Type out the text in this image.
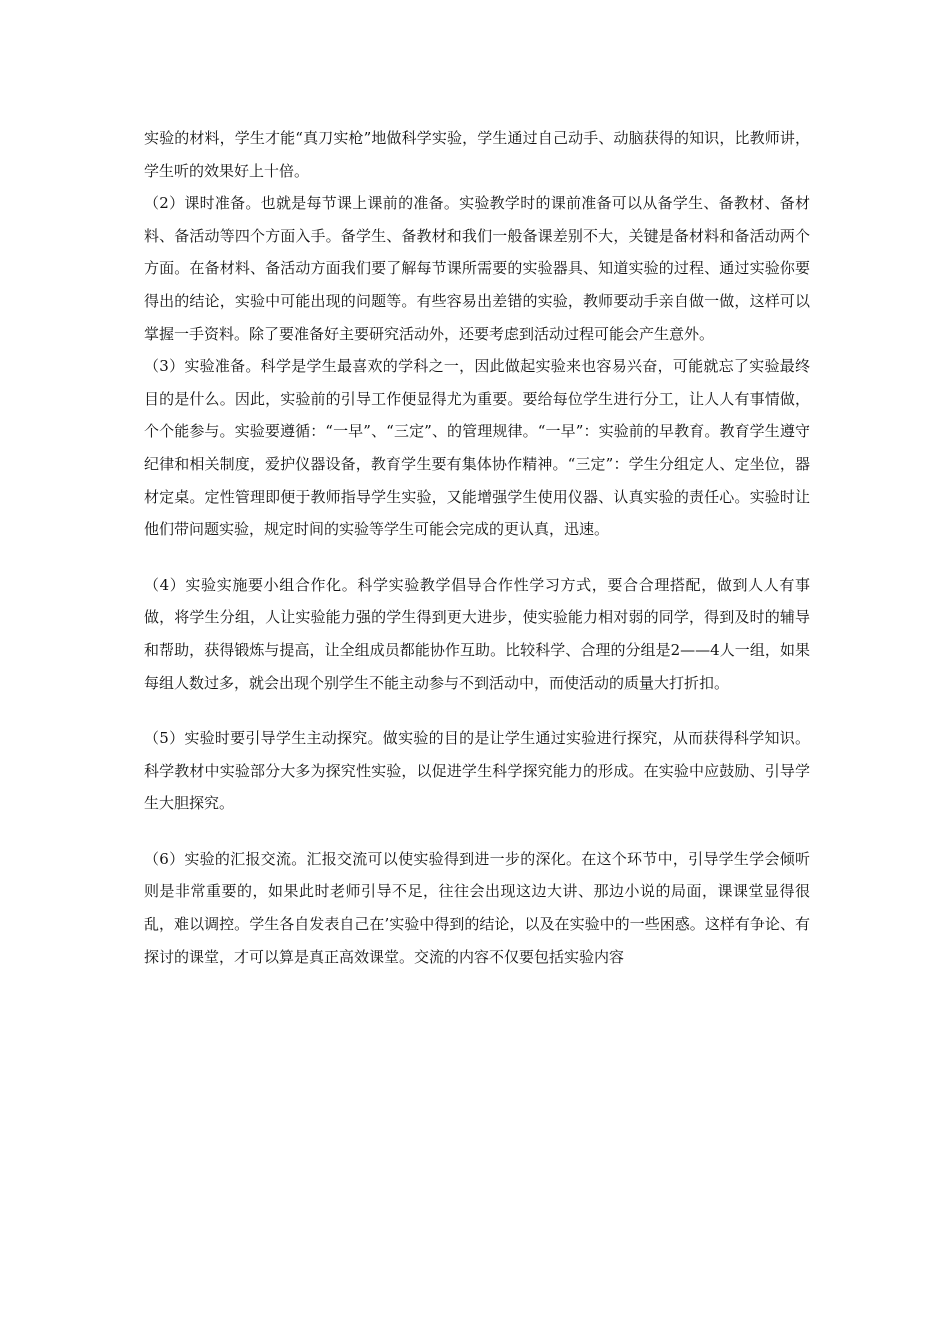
实验的材料，学生才能“真刀实枪”地做科学实验，学生通过自己动手、动脑获得的知识，比教师讲，学生听的效果好上十倍。

（2）课时准备。也就是每节课上课前的准备。实验教学时的课前准备可以从备学生、备教材、备材料、备活动等四个方面入手。备学生、备教材和我们一般备课差别不大，关键是备材料和备活动两个方面。在备材料、备活动方面我们要了解每节课所需要的实验器具、知道实验的过程、通过实验你要得出的结论，实验中可能出现的问题等。有些容易出差错的实验，教师要动手亲自做一做，这样可以掌握一手资料。除了要准备好主要研究活动外，还要考虑到活动过程可能会产生意外。

（3）实验准备。科学是学生最喜欢的学科之一，因此做起实验来也容易兴奋，可能就忘了实验最终目的是什么。因此，实验前的引导工作便显得尤为重要。要给每位学生进行分工，让人人有事情做，个个能参与。实验要遵循：“一早”、“三定”、的管理规律。“一早”：实验前的早教育。教育学生遵守纪律和相关制度，爱护仪器设备，教育学生要有集体协作精神。“三定”：学生分组定人、定坐位，器材定桌。定性管理即便于教师指导学生实验，又能增强学生使用仪器、认真实验的责任心。实验时让他们带问题实验，规定时间的实验等学生可能会完成的更认真，迅速。

（4）实验实施要小组合作化。科学实验教学倡导合作性学习方式，要合合理搭配，做到人人有事做，将学生分组，人让实验能力强的学生得到更大进步，使实验能力相对弱的同学，得到及时的辅导和帮助，获得锻炼与提高，让全组成员都能协作互助。比较科学、合理的分组是2——4人一组，如果每组人数过多，就会出现个别学生不能主动参与不到活动中，而使活动的质量大打折扣。

（5）实验时要引导学生主动探究。做实验的目的是让学生通过实验进行探究，从而获得科学知识。科学教材中实验部分大多为探究性实验，以促进学生科学探究能力的形成。在实验中应鼓励、引导学生大胆探究。

（6）实验的汇报交流。汇报交流可以使实验得到进一步的深化。在这个环节中，引导学生学会倾听则是非常重要的，如果此时老师引导不足，往往会出现这边大讲、那边小说的局面，课课堂显得很乱，难以调控。学生各自发表自己在’实验中得到的结论，以及在实验中的一些困惑。这样有争论、有探讨的课堂，才可以算是真正高效课堂。交流的内容不仅要包括实验内容
